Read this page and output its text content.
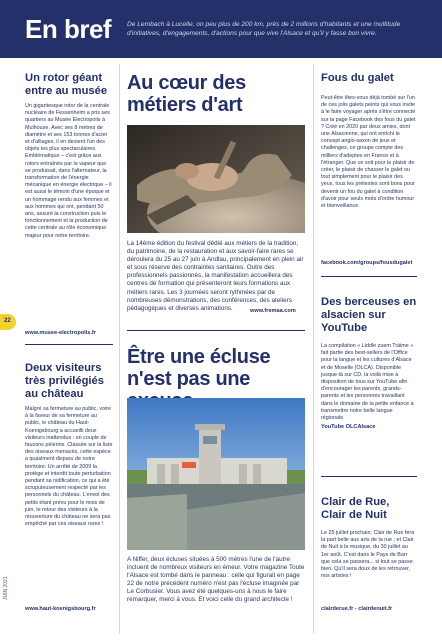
En bref De Lembach à Lucelle, on peu plus de 200 km, près de 2 millions d'habitants et une multitude d'initiatives, d'engagements, d'actions pour que vive l'Alsace et qu'il y fasse bon vivre.
22
JUIN 2021
Un rotor géant entre au musée
Un gigantesque rotor de la centrale nucléaire de Fessenheim a pris ses quartiers au Musée Electropolis à Mulhouse. Avec ses 8 mètres de diamètre et ses 153 tonnes d'acier et d'alliages, il en devient l'un des objets les plus spectaculaires. Emblématique – c'est grâce aux rotors entraînés par la vapeur que se produisait, dans l'alternateur, la transformation de l'énergie mécanique en énergie électrique – il est aussi le témoin d'une époque et un hommage rendu aux femmes et aux hommes qui ont, pendant 50 ans, assuré la construction puis le fonctionnement et la production de cette centrale au rôle économique majeur pour notre territoire.
www.musee-electropolis.fr
Deux visiteurs très privilégiés au château
Malgré sa fermeture au public, voire à la faveur de sa fermeture au public, le château du Haut-Koenigsbourg a accueilli deux visiteurs inattendus : un couple de faucons pèlerins. Classée sur la liste des oiseaux menacés, cette espèce a quasiment disparu de notre territoire. Un arrêté de 2009 la protège et interdit toute perturbation pendant sa nidification, ce qui a été scrupuleusement respecté par les personnels du château. L'envol des petits étant prévu pour le mois de juin, le retour des visiteurs à la réouverture du château ne sera pas empêché par ces oiseaux rares !
www.haut-koenigsbourg.fr
Au cœur des métiers d'art
La 14ème édition du festival dédié aux métiers de la tradition, du patrimoine, de la restauration et aux savoir-faire rares se déroulera du 25 au 27 juin à Andlau, principalement en plein air et sous réserve des contraintes sanitaires. Outre des professionnels passionnés, la manifestation accueillera des centres de formation qui présenteront leurs formations aux métiers rares. Les 3 journées seront rythmées par de nombreuses démonstrations, des conférences, des ateliers pédagogiques et diverses animations.	www.fremaa.com
Être une écluse n'est pas une
A Niffer, deux écluses situées à 500 mètres l'une de l'autre incluent de nombreux visiteurs en émeur. Votre magazine Toute l'Alsace est tombé dans le panneau : celle qui figurait en page 22 de notre précédent numéro n'est pas l'écluse imaginée par Le Corbusier. Vous avez été quelques-uns à nous le faire remarquer, merci à vous. Et voici celle du grand architecte !
Fous du galet
Peut-être êtes-vous déjà tombé sur l'un de ces jolis galets peints qui vous invite à le faire voyager après s'être connecté sur la page Facebook des fous du galet ? Créé en 2020 par deux amies, dont une Alsacienne, qui ont enrichi le concept anglo-saxon de jeux et challenges, ce groupe compte des milliers d'adeptes en France et à l'étranger. Que ce soit pour le plaisir de créer, le plaisir de chasser le galet ou tout simplement pour le plaisir des yeux, tous les prétextes sont bons pour devenir un fou du galet à condition d'avoir pour seuls mots d'ordre humour et bienveillance.
facebook.com/groups/fousdugalet
Des berceuses en alsacien sur YouTube
La compilation « Liddle zuem Träime » fait partie des best-sellers de l'Office pour la langue et les cultures d'Alsace et de Moselle (OLCA). Disponible jusque-là sur CD, la voilà mise à disposition de tous sur YouTube afin d'encourager les parents, grands-parents et les personnes travaillant dans le domaine de la petite enfance à transmettre notre belle langue régionale.
YouTube OLCAlsace
Clair de Rue, Clair de Nuit
Le 25 juillet prochain, Clair de Rue fera la part belle aux arts de la rue ; et Clair de Nuit à la musique, du 30 juillet au 1er août. C'est dans le Pays de Barr que cela se passera... si tout se passe bien. Qu'il sera doux de les retrouver, nos artistes !
clairderue.fr - clairdenuit.fr
